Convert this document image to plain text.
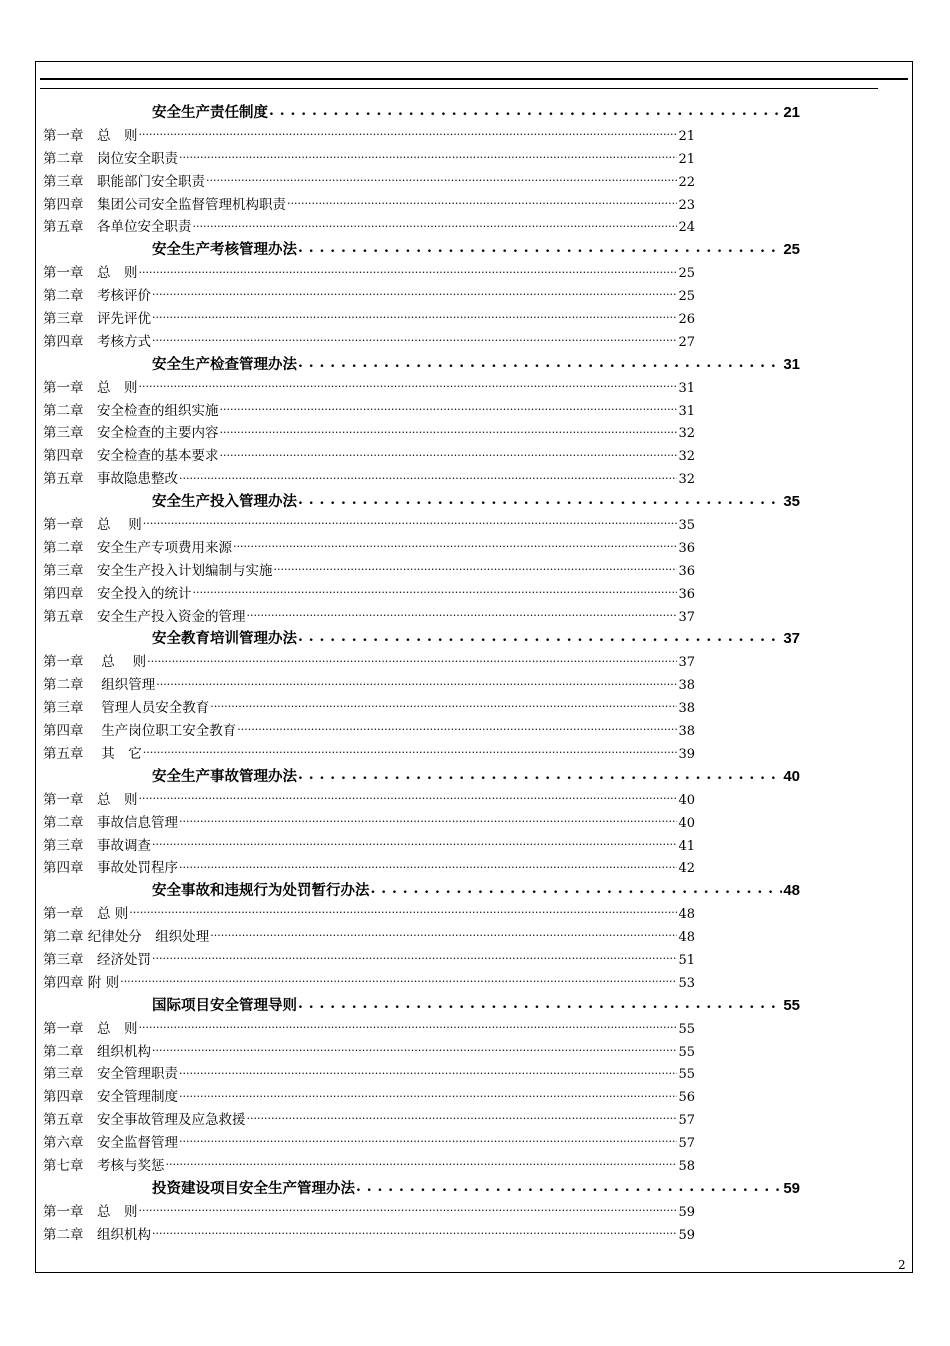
安全生产责任制度 . . .	21
第一章　总　则 .....	21
第二章　岗位安全职责 .....	21
第三章　职能部门安全职责 .....	22
第四章　集团公司安全监督管理机构职责 .....	23
第五章　各单位安全职责 .....	24
安全生产考核管理办法 . . .	25
第一章　总　则 .....	25
第二章　考核评价 .....	25
第三章　评先评优 .....	26
第四章　考核方式 .....	27
安全生产检查管理办法 . . .	31
第一章　总　则 .....	31
第二章　安全检查的组织实施 .....	31
第三章　安全检查的主要内容 .....	32
第四章　安全检查的基本要求 .....	32
第五章　事故隐患整改 .....	32
安全生产投入管理办法 . . .	35
第一章　总　 则 .....	35
第二章　安全生产专项费用来源 .....	36
第三章　安全生产投入计划编制与实施 .....	36
第四章　安全投入的统计 .....	36
第五章　安全生产投入资金的管理 .....	37
安全教育培训管理办法 . . .	37
第一章　 总　 则 .....	37
第二章　 组织管理 .....	38
第三章　 管理人员安全教育 .....	38
第四章　 生产岗位职工安全教育 .....	38
第五章　 其　它 .....	39
安全生产事故管理办法 . . .	40
第一章　总　则 .....	40
第二章　事故信息管理 .....	40
第三章　事故调查 .....	41
第四章　事故处罚程序 .....	42
安全事故和违规行为处罚暂行办法 . . .	48
第一章　总 则 .....	48
第二章 纪律处分　组织处理 .....	48
第三章　经济处罚 .....	51
第四章 附 则 .....	53
国际项目安全管理导则 . . .	55
第一章　总　则 .....	55
第二章　组织机构 .....	55
第三章　安全管理职责 .....	55
第四章　安全管理制度 .....	56
第五章　安全事故管理及应急救援 .....	57
第六章　安全监督管理 .....	57
第七章　考核与奖惩 .....	58
投资建设项目安全生产管理办法 . . .	59
第一章　总　则 .....	59
第二章　组织机构 .....	59
2
